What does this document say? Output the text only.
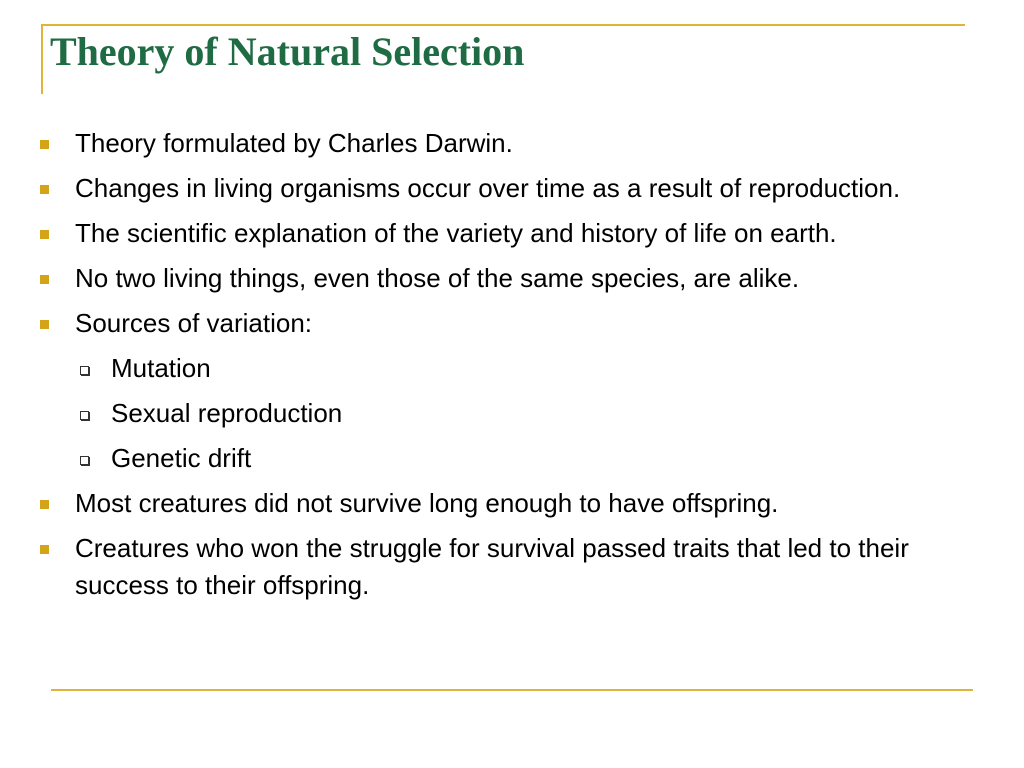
Theory of Natural Selection
Theory formulated by Charles Darwin.
Changes in living organisms occur over time as a result of reproduction.
The scientific explanation of the variety and history of life on earth.
No two living things, even those of the same species, are alike.
Sources of variation:
Mutation
Sexual reproduction
Genetic drift
Most creatures did not survive long enough to have offspring.
Creatures who won the struggle for survival passed traits that led to their success to their offspring.
